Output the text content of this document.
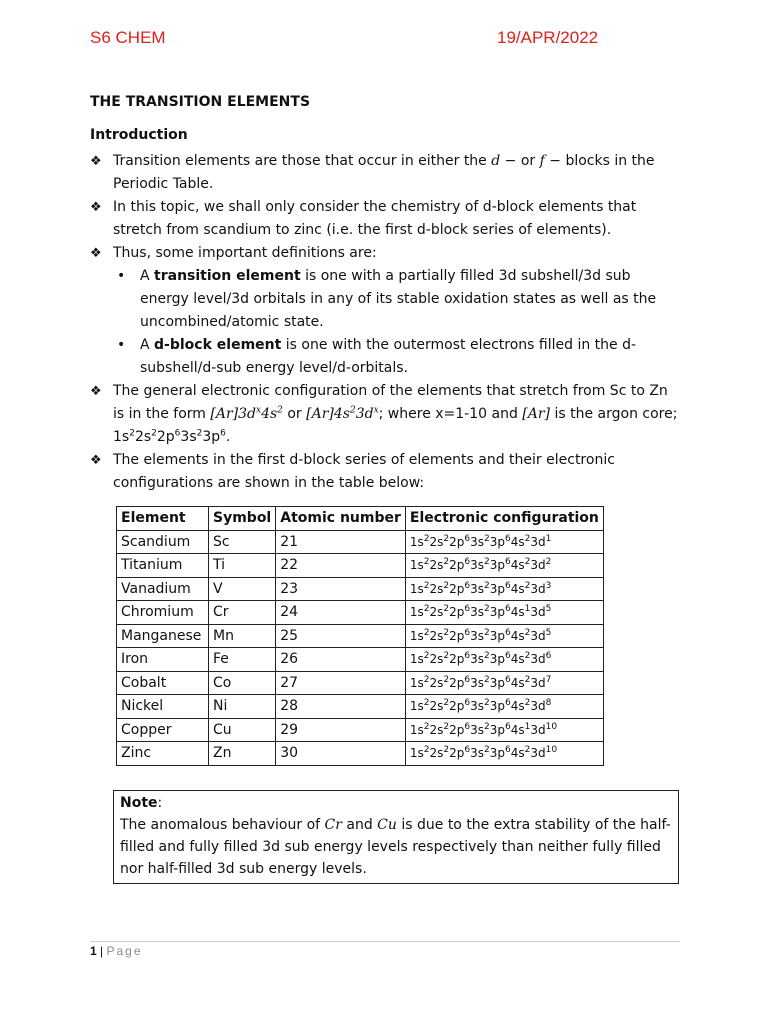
S6 CHEM	19/APR/2022
THE TRANSITION ELEMENTS
Introduction
❖ Transition elements are those that occur in either the d − or f − blocks in the Periodic Table.
❖ In this topic, we shall only consider the chemistry of d-block elements that stretch from scandium to zinc (i.e. the first d-block series of elements).
❖ Thus, some important definitions are:
• A transition element is one with a partially filled 3d subshell/3d sub energy level/3d orbitals in any of its stable oxidation states as well as the uncombined/atomic state.
• A d-block element is one with the outermost electrons filled in the d-subshell/d-sub energy level/d-orbitals.
❖ The general electronic configuration of the elements that stretch from Sc to Zn is in the form $[Ar]3d^x4s^2$ or $[Ar]4s^23d^x$; where x=1-10 and [Ar] is the argon core; $1s^22s^22p^63s^23p^6$.
❖ The elements in the first d-block series of elements and their electronic configurations are shown in the table below:
Element	Symbol	Atomic number	Electronic configuration
Scandium	Sc	21	$1s^22s^22p^63s^23p^64s^23d^1$
Titanium	Ti	22	$1s^22s^22p^63s^23p^64s^23d^2$
Vanadium	V	23	$1s^22s^22p^63s^23p^64s^23d^3$
Chromium	Cr	24	$1s^22s^22p^63s^23p^64s^13d^5$
Manganese	Mn	25	$1s^22s^22p^63s^23p^64s^23d^5$
Iron	Fe	26	$1s^22s^22p^63s^23p^64s^23d^6$
Cobalt	Co	27	$1s^22s^22p^63s^23p^64s^23d^7$
Nickel	Ni	28	$1s^22s^22p^63s^23p^64s^23d^8$
Copper	Cu	29	$1s^22s^22p^63s^23p^64s^13d^{10}$
Zinc	Zn	30	$1s^22s^22p^63s^23p^64s^23d^{10}$
Note:
The anomalous behaviour of Cr and Cu is due to the extra stability of the half-filled and fully filled 3d sub energy levels respectively than neither fully filled nor half-filled 3d sub energy levels.
1 | Page
